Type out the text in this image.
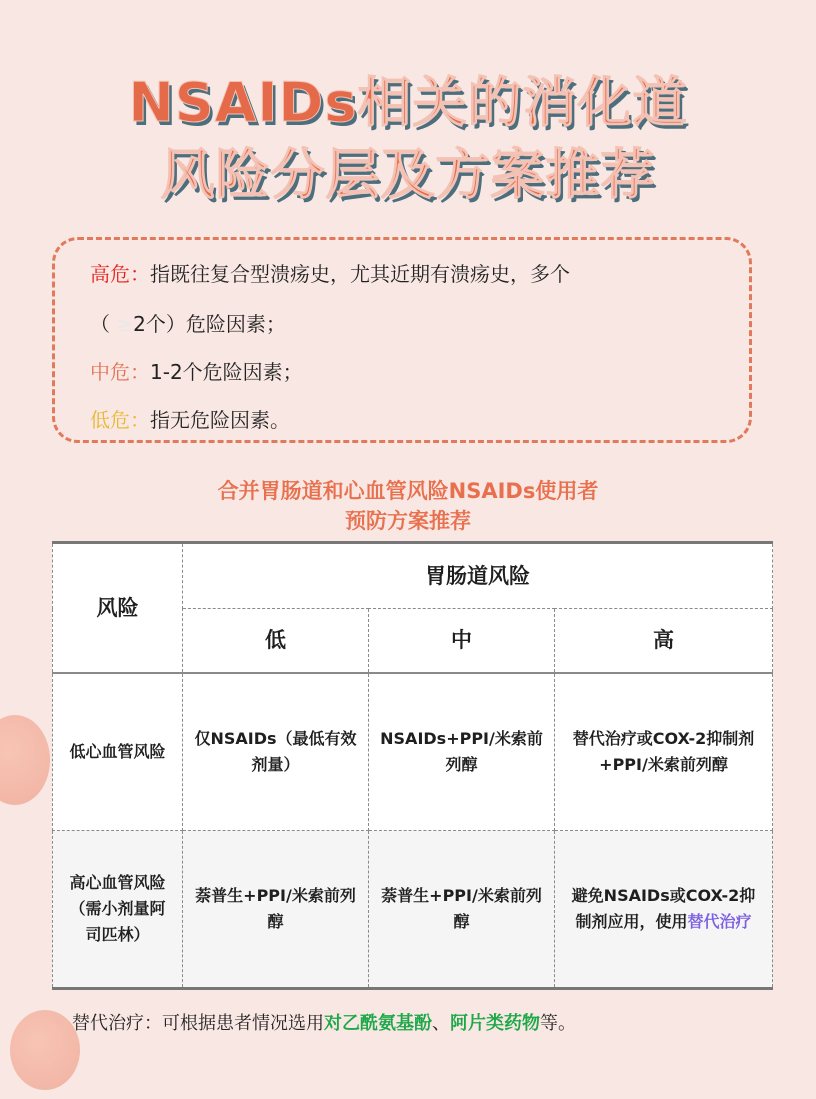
NSAIDs相关的消化道
风险分层及方案推荐
高危：指既往复合型溃疡史，尤其近期有溃疡史，多个
（ ≥2个）危险因素；
中危：1-2个危险因素；
低危：指无危险因素。
合并胃肠道和心血管风险NSAIDs使用者
预防方案推荐
风险	胃肠道风险		
	低	中	高
低心血管风险	仅NSAIDs（最低有效剂量）	NSAIDs+PPI/米索前列醇	替代治疗或COX-2抑制剂+PPI/米索前列醇
高心血管风险（需小剂量阿司匹林）	萘普生+PPI/米索前列醇	萘普生+PPI/米索前列醇	避免NSAIDs或COX-2抑制剂应用，使用替代治疗
替代治疗：可根据患者情况选用对乙酰氨基酚、阿片类药物等。
